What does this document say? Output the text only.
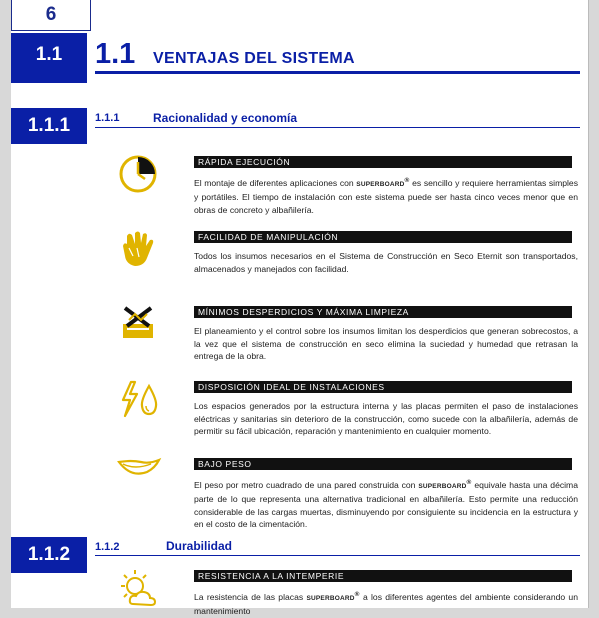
6
1.1	1.1 VENTAJAS DEL SISTEMA
1.1.1	1.1.1	Racionalidad y economía
RÁPIDA EJECUCIÓN

El montaje de diferentes aplicaciones con SUPERBOARD® es sencillo y requiere herramientas simples y portátiles. El tiempo de instalación con este sistema puede ser hasta cinco veces menor que en obras de concreto y albañilería.

FACILIDAD DE MANIPULACIÓN

Todos los insumos necesarios en el Sistema de Construcción en Seco Eternit son transportados, almacenados y manejados con facilidad.

MÍNIMOS DESPERDICIOS Y MÁXIMA LIMPIEZA

El planeamiento y el control sobre los insumos limitan los desperdicios que generan sobrecostos, a la vez que el sistema de construcción en seco elimina la suciedad y humedad que retrasan la entrega de la obra.

DISPOSICIÓN IDEAL DE INSTALACIONES

Los espacios generados por la estructura interna y las placas permiten el paso de instalaciones eléctricas y sanitarias sin deterioro de la construcción, como sucede con la albañilería, además de permitir su fácil ubicación, reparación y mantenimiento en cualquier momento.

BAJO PESO

El peso por metro cuadrado de una pared construida con SUPERBOARD® equivale hasta una décima parte de lo que representa una alternativa tradicional en albañilería. Esto permite una reducción considerable de las cargas muertas, disminuyendo por consiguiente su incidencia en la estructura y en el costo de la cimentación.

1.1.2	1.1.2	Durabilidad
RESISTENCIA A LA INTEMPERIE

La resistencia de las placas SUPERBOARD® a los diferentes agentes del ambiente considerando un mantenimiento
